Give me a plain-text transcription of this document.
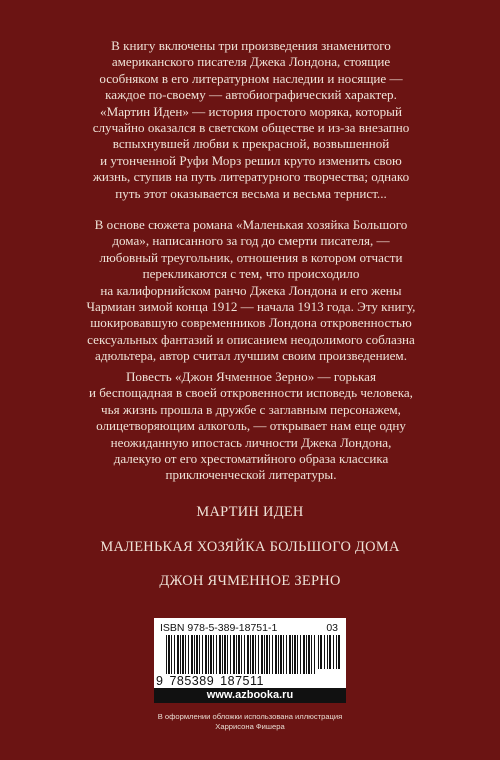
В книгу включены три произведения знаменитого
американского писателя Джека Лондона, стоящие
особняком в его литературном наследии и носящие —
каждое по-своему — автобиографический характер.
«Мартин Иден» — история простого моряка, который
случайно оказался в светском обществе и из-за внезапно
вспыхнувшей любви к прекрасной, возвышенной
и утонченной Руфи Морз решил круто изменить свою
жизнь, ступив на путь литературного творчества; однако
путь этот оказывается весьма и весьма тернист...

В основе сюжета романа «Маленькая хозяйка Большого
дома», написанного за год до смерти писателя, —
любовный треугольник, отношения в котором отчасти
перекликаются с тем, что происходило
на калифорнийском ранчо Джека Лондона и его жены
Чармиан зимой конца 1912 — начала 1913 года. Эту книгу,
шокировавшую современников Лондона откровенностью
сексуальных фантазий и описанием неодолимого соблазна
адюльтера, автор считал лучшим своим произведением.

Повесть «Джон Ячменное Зерно» — горькая
и беспощадная в своей откровенности исповедь человека,
чья жизнь прошла в дружбе с заглавным персонажем,
олицетворяющим алкоголь, — открывает нам еще одну
неожиданную ипостась личности Джека Лондона,
далекую от его хрестоматийного образа классика
приключенческой литературы.

МАРТИН ИДЕН
МАЛЕНЬКАЯ ХОЗЯЙКА БОЛЬШОГО ДОМА
ДЖОН ЯЧМЕННОЕ ЗЕРНО
ISBN 978-5-389-18751-1	03
9 785389 187511
www.azbooka.ru
В оформлении обложки использована иллюстрация
Харрисона Фишера
